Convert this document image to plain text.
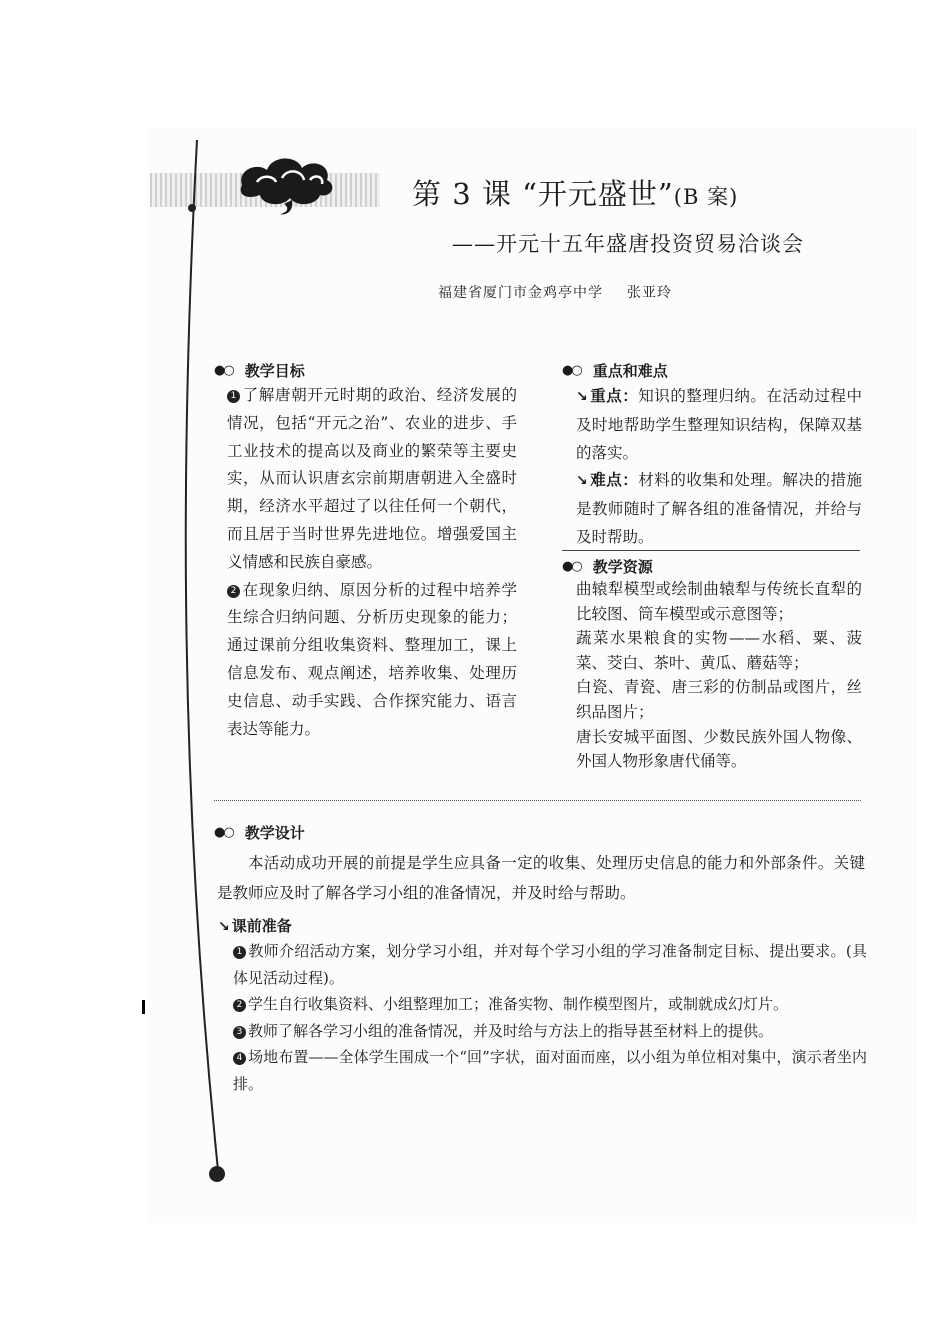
第 3 课 “开元盛世”(B 案)
——开元十五年盛唐投资贸易洽谈会
福建省厦门市金鸡亭中学 张亚玲
●○ 教学目标

1 了解唐朝开元时期的政治、经济发展的情况，包括“开元之治”、农业的进步、手工业技术的提高以及商业的繁荣等主要史实，从而认识唐玄宗前期唐朝进入全盛时期，经济水平超过了以往任何一个朝代，而且居于当时世界先进地位。增强爱国主义情感和民族自豪感。

2 在现象归纳、原因分析的过程中培养学生综合归纳问题、分析历史现象的能力；通过课前分组收集资料、整理加工，课上信息发布、观点阐述，培养收集、处理历史信息、动手实践、合作探究能力、语言表达等能力。

●○ 重点和难点

↘ 重点：知识的整理归纳。在活动过程中及时地帮助学生整理知识结构，保障双基的落实。

↘ 难点：材料的收集和处理。解决的措施是教师随时了解各组的准备情况，并给与及时帮助。

●○ 教学资源

曲辕犁模型或绘制曲辕犁与传统长直犁的比较图、筒车模型或示意图等；

蔬菜水果粮食的实物——水稻、粟、菠菜、茭白、茶叶、黄瓜、蘑菇等；

白瓷、青瓷、唐三彩的仿制品或图片，丝织品图片；

唐长安城平面图、少数民族外国人物像、外国人物形象唐代俑等。

●○ 教学设计

本活动成功开展的前提是学生应具备一定的收集、处理历史信息的能力和外部条件。关键是教师应及时了解各学习小组的准备情况，并及时给与帮助。

↘ 课前准备

1 教师介绍活动方案，划分学习小组，并对每个学习小组的学习准备制定目标、提出要求。(具体见活动过程)。

2 学生自行收集资料、小组整理加工；准备实物、制作模型图片，或制就成幻灯片。

3 教师了解各学习小组的准备情况，并及时给与方法上的指导甚至材料上的提供。

4 场地布置——全体学生围成一个“回”字状，面对面而座，以小组为单位相对集中，演示者坐内排。
